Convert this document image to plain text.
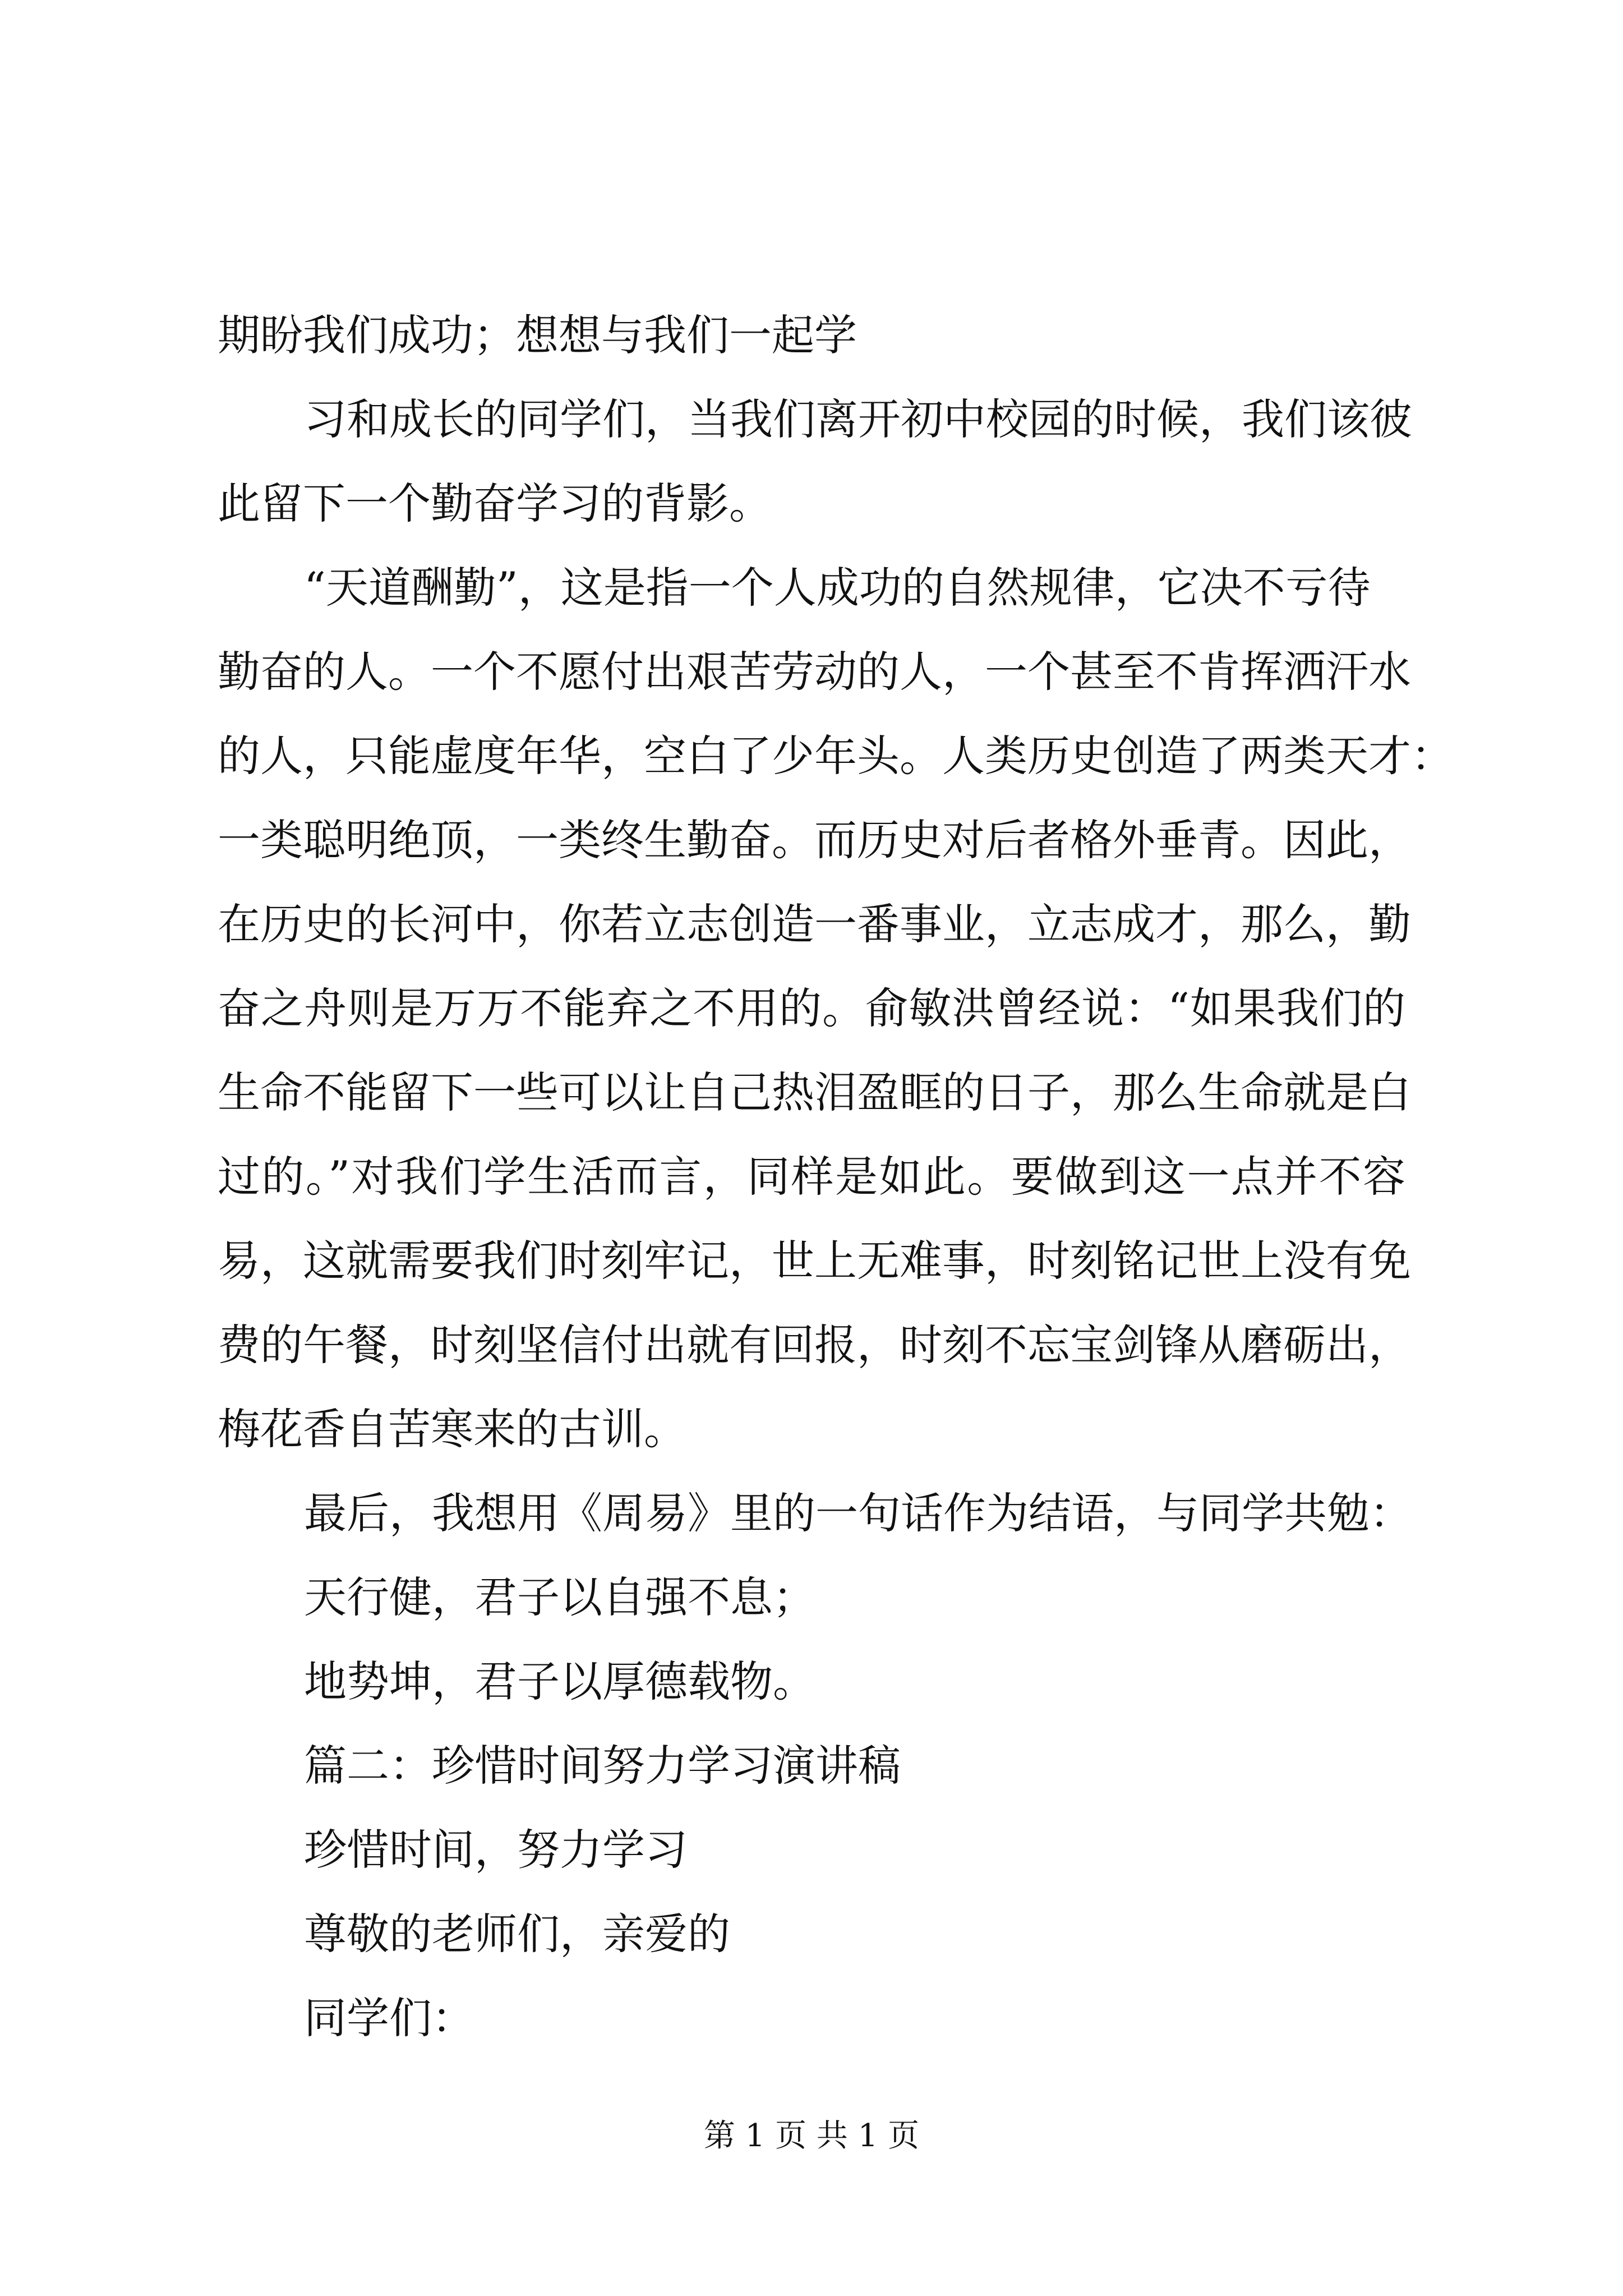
期盼我们成功；想想与我们一起学
习和成长的同学们，当我们离开初中校园的时候，我们该彼
此留下一个勤奋学习的背影。
“天道酬勤”，这是指一个人成功的自然规律，它决不亏待
勤奋的人。一个不愿付出艰苦劳动的人，一个甚至不肯挥洒汗水
的人，只能虚度年华，空白了少年头。人类历史创造了两类天才：
一类聪明绝顶，一类终生勤奋。而历史对后者格外垂青。因此，
在历史的长河中，你若立志创造一番事业，立志成才，那么，勤
奋之舟则是万万不能弃之不用的。俞敏洪曾经说：“如果我们的
生命不能留下一些可以让自己热泪盈眶的日子，那么生命就是白
过的。”对我们学生活而言，同样是如此。要做到这一点并不容
易，这就需要我们时刻牢记，世上无难事，时刻铭记世上没有免
费的午餐，时刻坚信付出就有回报，时刻不忘宝剑锋从磨砺出，
梅花香自苦寒来的古训。
最后，我想用《周易》里的一句话作为结语，与同学共勉：
天行健，君子以自强不息；
地势坤，君子以厚德载物。
篇二：珍惜时间努力学习演讲稿
珍惜时间，努力学习
尊敬的老师们，亲爱的
同学们：
第 1 页 共 1 页
